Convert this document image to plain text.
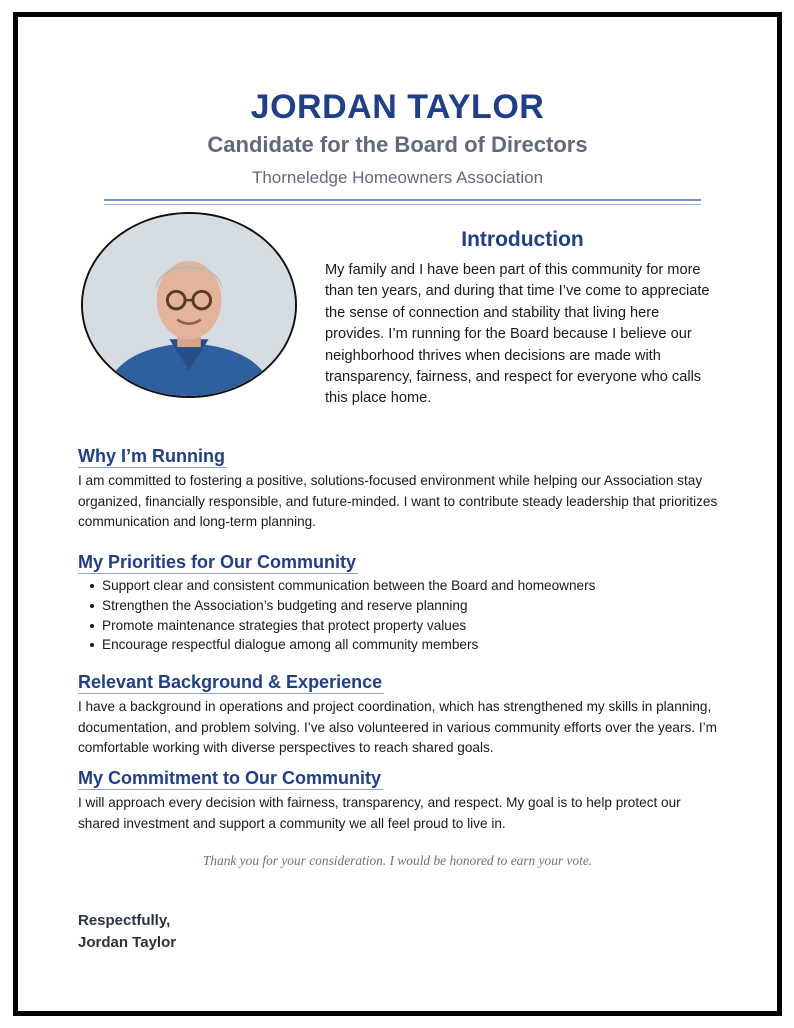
JORDAN TAYLOR
Candidate for the Board of Directors
Thorneledge Homeowners Association
Introduction
My family and I have been part of this community for more than ten years, and during that time I’ve come to appreciate the sense of connection and stability that living here provides. I’m running for the Board because I believe our neighborhood thrives when decisions are made with transparency, fairness, and respect for everyone who calls this place home.
Why I’m Running
I am committed to fostering a positive, solutions-focused environment while helping our Association stay organized, financially responsible, and future-minded. I want to contribute steady leadership that prioritizes communication and long-term planning.
My Priorities for Our Community
Support clear and consistent communication between the Board and homeowners
Strengthen the Association’s budgeting and reserve planning
Promote maintenance strategies that protect property values
Encourage respectful dialogue among all community members
Relevant Background & Experience
I have a background in operations and project coordination, which has strengthened my skills in planning, documentation, and problem solving. I’ve also volunteered in various community efforts over the years. I’m comfortable working with diverse perspectives to reach shared goals.
My Commitment to Our Community
I will approach every decision with fairness, transparency, and respect. My goal is to help protect our shared investment and support a community we all feel proud to live in.
Thank you for your consideration. I would be honored to earn your vote.
Respectfully,
Jordan Taylor
